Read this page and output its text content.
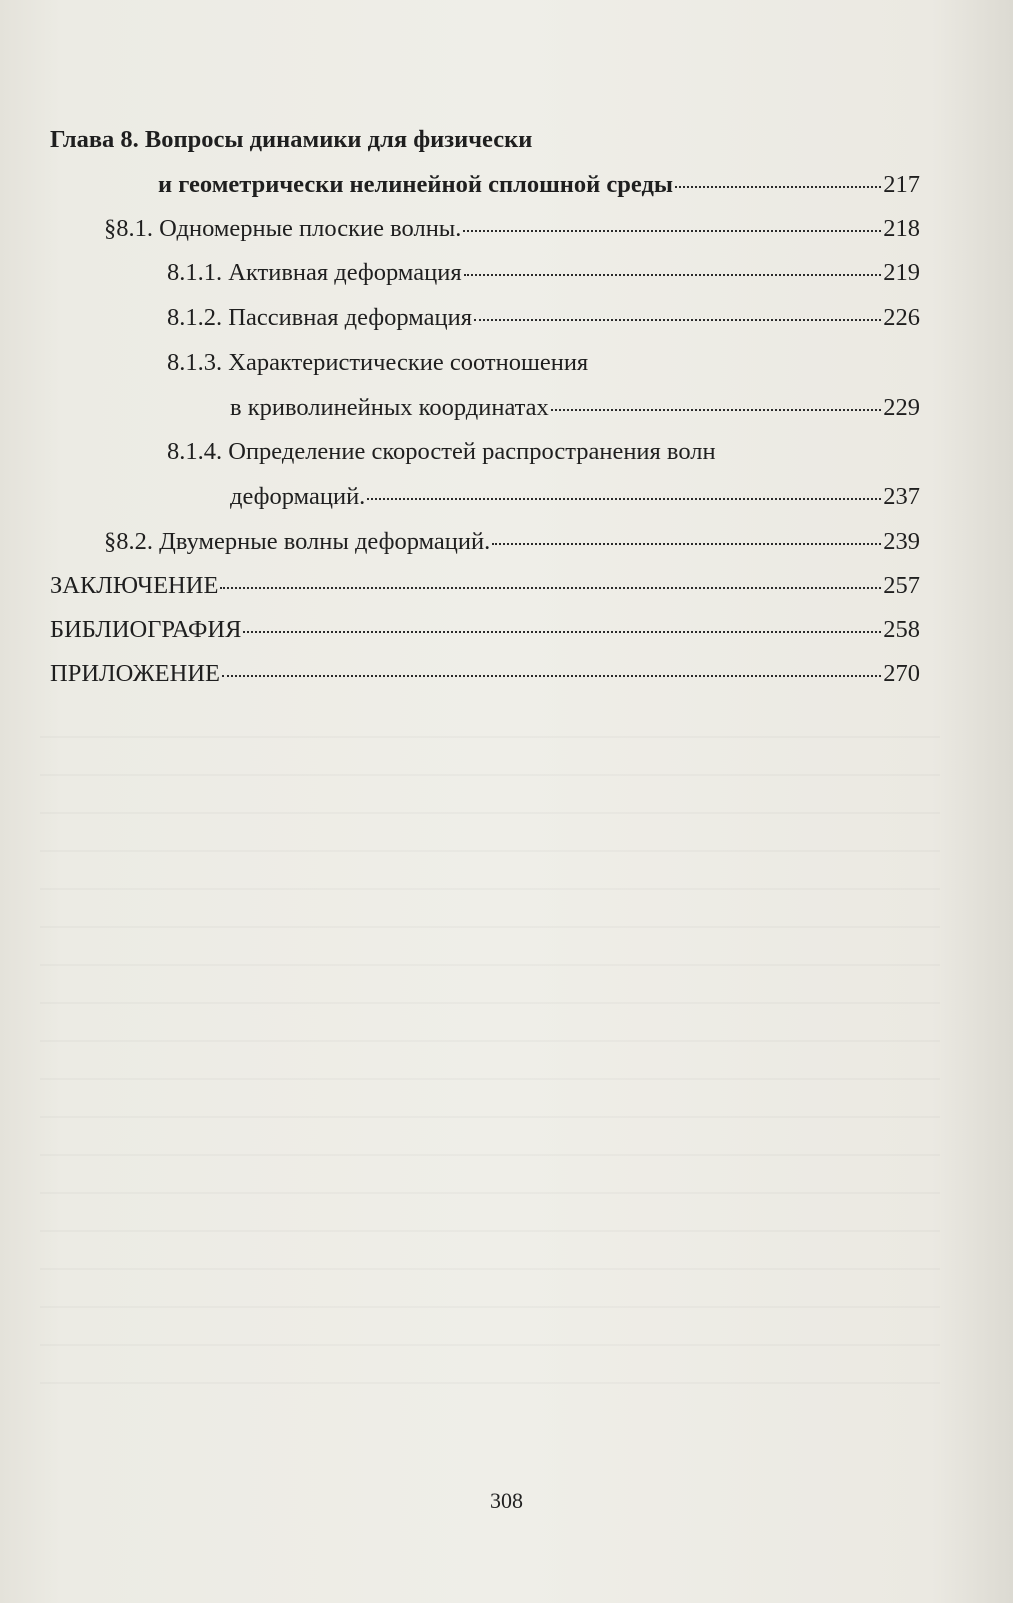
Глава 8. Вопросы динамики для физически
и геометрически нелинейной сплошной среды	217
§8.1. Одномерные плоские волны.	218
8.1.1. Активная деформация	219
8.1.2. Пассивная деформация	226
8.1.3. Характеристические соотношения
в криволинейных координатах	229
8.1.4. Определение скоростей распространения волн
деформаций.	237
§8.2. Двумерные волны деформаций.	239
ЗАКЛЮЧЕНИЕ	257
БИБЛИОГРАФИЯ	258
ПРИЛОЖЕНИЕ	270
308
